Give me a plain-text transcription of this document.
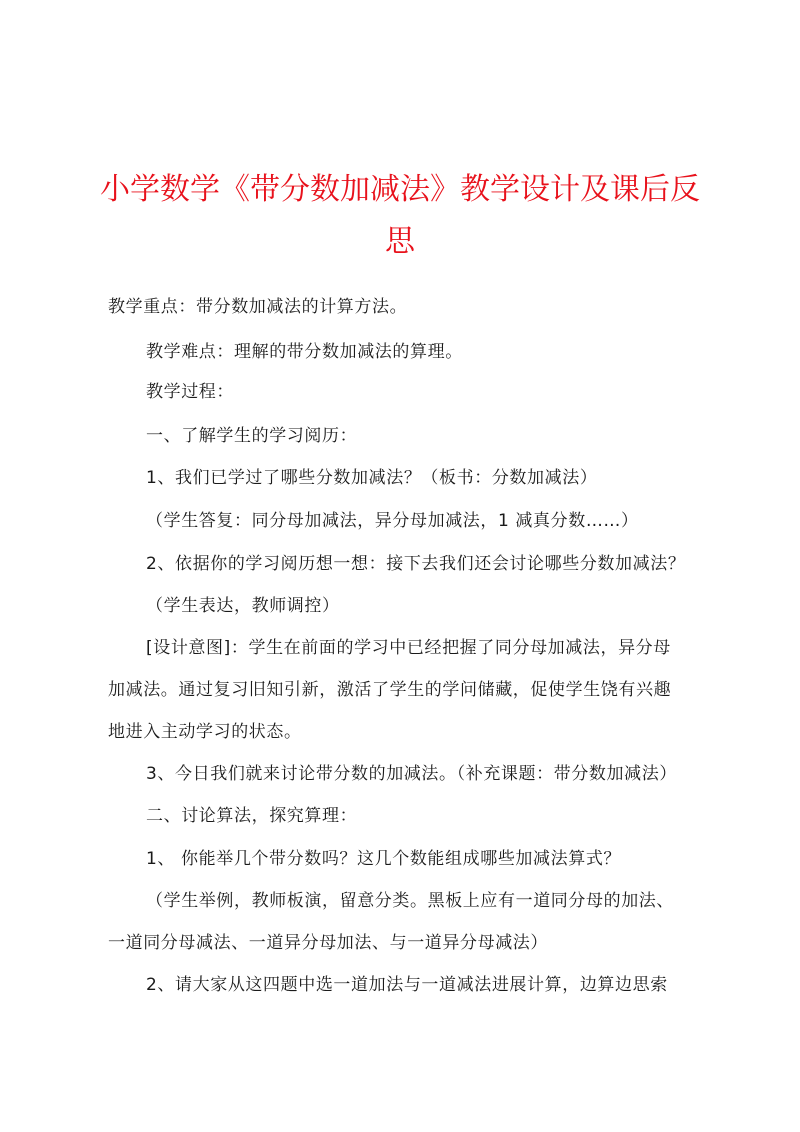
小学数学《带分数加减法》教学设计及课后反
思
教学重点：带分数加减法的计算方法。
教学难点：理解的带分数加减法的算理。
教学过程：
一、了解学生的学习阅历：
1、我们已学过了哪些分数加减法？（板书：分数加减法）
（学生答复：同分母加减法，异分母加减法，1 减真分数……）
2、依据你的学习阅历想一想：接下去我们还会讨论哪些分数加减法？
（学生表达，教师调控）
[设计意图]：学生在前面的学习中已经把握了同分母加减法，异分母
加减法。通过复习旧知引新，激活了学生的学问储藏，促使学生饶有兴趣
地进入主动学习的状态。
3、今日我们就来讨论带分数的加减法。（补充课题：带分数加减法）
二、讨论算法，探究算理：
1、 你能举几个带分数吗？这几个数能组成哪些加减法算式？
（学生举例，教师板演，留意分类。黑板上应有一道同分母的加法、
一道同分母减法、一道异分母加法、与一道异分母减法）
2、请大家从这四题中选一道加法与一道减法进展计算，边算边思索
